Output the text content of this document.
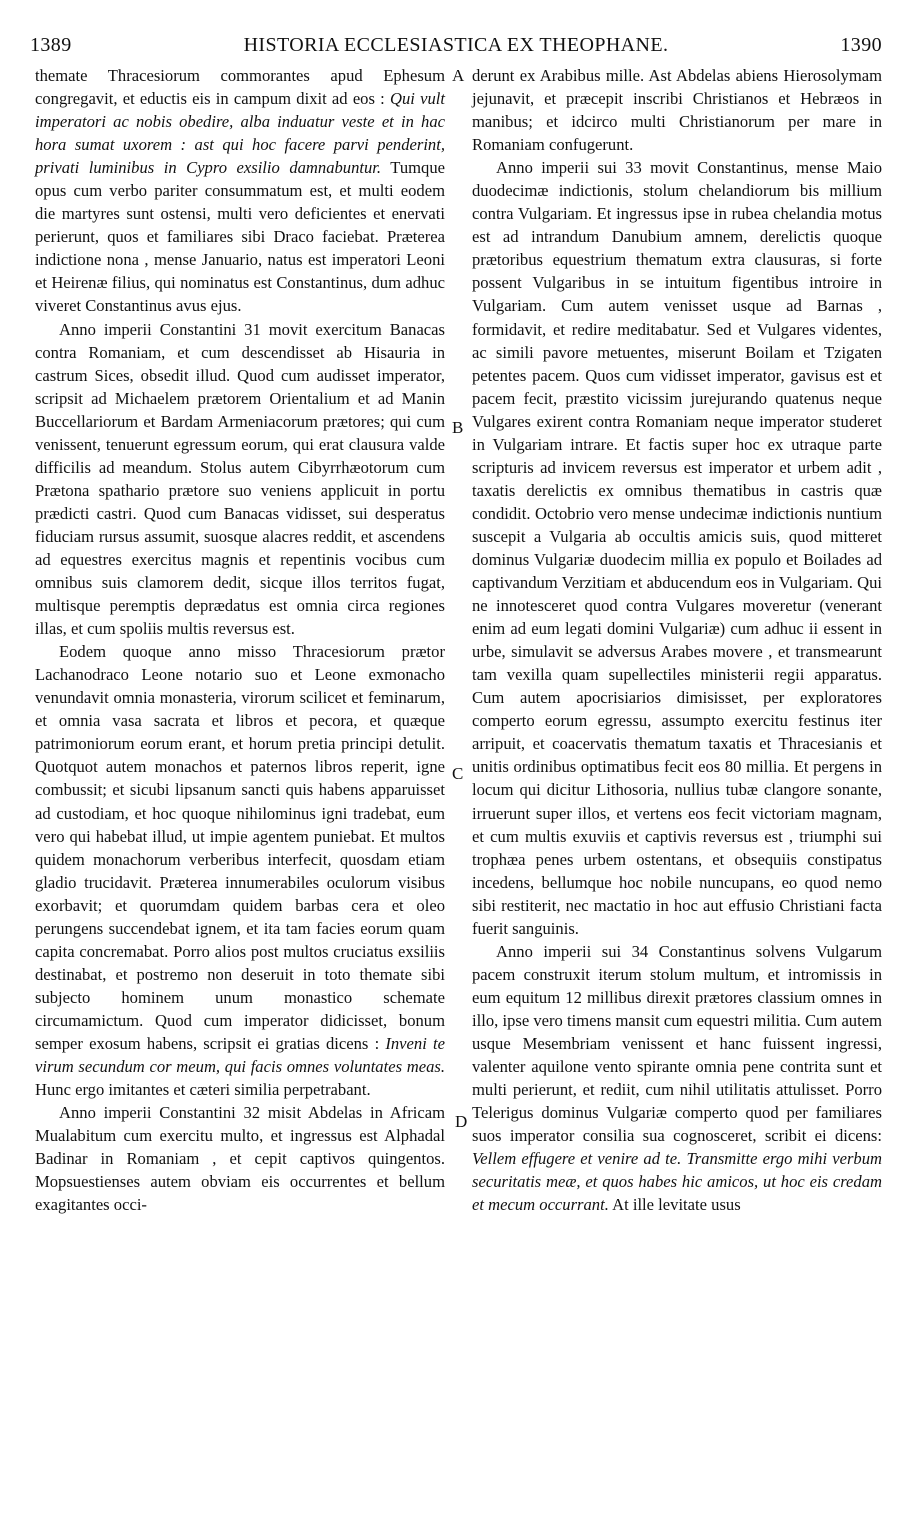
1389	HISTORIA ECCLESIASTICA EX THEOPHANE.	1390

themate Thracesiorum commorantes apud Ephesum congregavit, et eductis eis in campum dixit ad eos : Qui vult imperatori ac nobis obedire, alba induatur veste et in hac hora sumat uxorem : ast qui hoc facere parvi penderint, privati luminibus in Cypro exsilio damnabuntur. Tumque opus cum verbo pariter consummatum est, et multi eodem die martyres sunt ostensi, multi vero deficientes et enervati perierunt, quos et familiares sibi Draco faciebat. Præterea indictione nona , mense Januario, natus est imperatori Leoni et Heirenæ filius, qui nominatus est Constantinus, dum adhuc viveret Constantinus avus ejus.

Anno imperii Constantini 31 movit exercitum Banacas contra Romaniam, et cum descendisset ab Hisauria in castrum Sices, obsedit illud. Quod cum audisset imperator, scripsit ad Michaelem prætorem Orientalium et ad Manin Buccellariorum et Bardam Armeniacorum prætores; qui cum venissent, tenuerunt egressum eorum, qui erat clausura valde difficilis ad meandum. Stolus autem Cibyrrhæotorum cum Prætona spathario prætore suo veniens applicuit in portu prædicti castri. Quod cum Banacas vidisset, sui desperatus fiduciam rursus assumit, suosque alacres reddit, et ascendens ad equestres exercitus magnis et repentinis vocibus cum omnibus suis clamorem dedit, sicque illos territos fugat, multisque peremptis deprædatus est omnia circa regiones illas, et cum spoliis multis reversus est.

Eodem quoque anno misso Thracesiorum prætor Lachanodraco Leone notario suo et Leone exmonacho venundavit omnia monasteria, virorum scilicet et feminarum, et omnia vasa sacrata et libros et pecora, et quæque patrimoniorum eorum erant, et horum pretia principi detulit. Quotquot autem monachos et paternos libros reperit, igne combussit; et sicubi lipsanum sancti quis habens apparuisset ad custodiam, et hoc quoque nihilominus igni tradebat, eum vero qui habebat illud, ut impie agentem puniebat. Et multos quidem monachorum verberibus interfecit, quosdam etiam gladio trucidavit. Præterea innumerabiles oculorum visibus exorbavit; et quorumdam quidem barbas cera et oleo perungens succendebat ignem, et ita tam facies eorum quam capita concremabat. Porro alios post multos cruciatus exsiliis destinabat, et postremo non deseruit in toto themate sibi subjecto hominem unum monastico schemate circumamictum. Quod cum imperator didicisset, bonum semper exosum habens, scripsit ei gratias dicens : Inveni te virum secundum cor meum, qui facis omnes voluntates meas. Hunc ergo imitantes et cæteri similia perpetrabant.

Anno imperii Constantini 32 misit Abdelas in Africam Mualabitum cum exercitu multo, et ingressus est Alphadal Badinar in Romaniam , et cepit captivos quingentos. Mopsuestienses autem obviam eis occurrentes et bellum exagitantes occi-

derunt ex Arabibus mille. Ast Abdelas abiens Hierosolymam jejunavit, et præcepit inscribi Christianos et Hebræos in manibus; et idcirco multi Christianorum per mare in Romaniam confugerunt.

Anno imperii sui 33 movit Constantinus, mense Maio duodecimæ indictionis, stolum chelandiorum bis millium contra Vulgariam. Et ingressus ipse in rubea chelandia motus est ad intrandum Danubium amnem, derelictis quoque prætoribus equestrium thematum extra clausuras, si forte possent Vulgaribus in se intuitum figentibus introire in Vulgariam. Cum autem venisset usque ad Barnas , formidavit, et redire meditabatur. Sed et Vulgares videntes, ac simili pavore metuentes, miserunt Boilam et Tzigaten petentes pacem. Quos cum vidisset imperator, gavisus est et pacem fecit, præstito vicissim jurejurando quatenus neque Vulgares exirent contra Romaniam neque imperator studeret in Vulgariam intrare. Et factis super hoc ex utraque parte scripturis ad invicem reversus est imperator et urbem adit , taxatis derelictis ex omnibus thematibus in castris quæ condidit. Octobrio vero mense undecimæ indictionis nuntium suscepit a Vulgaria ab occultis amicis suis, quod mitteret dominus Vulgariæ duodecim millia ex populo et Boilades ad captivandum Verzitiam et abducendum eos in Vulgariam. Qui ne innotesceret quod contra Vulgares moveretur (venerant enim ad eum legati domini Vulgariæ) cum adhuc ii essent in urbe, simulavit se adversus Arabes movere , et transmearunt tam vexilla quam supellectiles ministerii regii apparatus. Cum autem apocrisiarios dimisisset, per exploratores comperto eorum egressu, assumpto exercitu festinus iter arripuit, et coacervatis thematum taxatis et Thracesianis et unitis ordinibus optimatibus fecit eos 80 millia. Et pergens in locum qui dicitur Lithosoria, nullius tubæ clangore sonante, irruerunt super illos, et vertens eos fecit victoriam magnam, et cum multis exuviis et captivis reversus est , triumphi sui trophæa penes urbem ostentans, et obsequiis constipatus incedens, bellumque hoc nobile nuncupans, eo quod nemo sibi restiterit, nec mactatio in hoc aut effusio Christiani facta fuerit sanguinis.

Anno imperii sui 34 Constantinus solvens Vulgarum pacem construxit iterum stolum multum, et intromissis in eum equitum 12 millibus direxit prætores classium omnes in illo, ipse vero timens mansit cum equestri militia. Cum autem usque Mesembriam venissent et hanc fuissent ingressi, valenter aquilone vento spirante omnia pene contrita sunt et multi perierunt, et rediit, cum nihil utilitatis attulisset. Porro Telerigus dominus Vulgariæ comperto quod per familiares suos imperator consilia sua cognosceret, scribit ei dicens: Vellem effugere et venire ad te. Transmitte ergo mihi verbum securitatis meæ, et quos habes hic amicos, ut hoc eis credam et mecum occurrant. At ille levitate usus

A
B
C
D
